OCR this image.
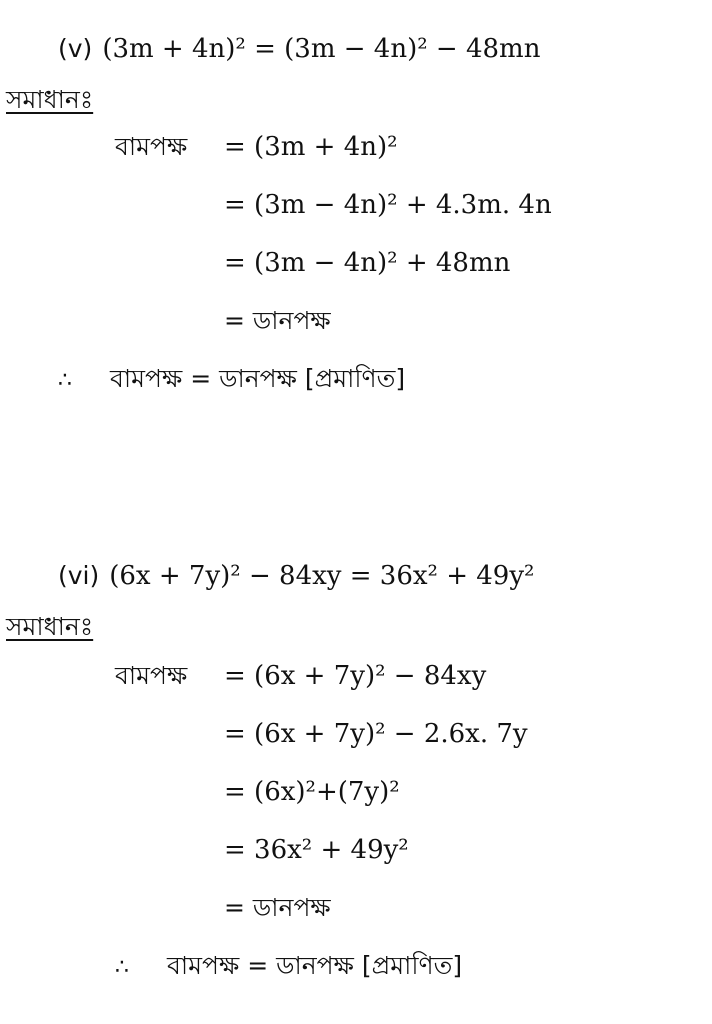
(v) (3m + 4n)² = (3m − 4n)² − 48mn
সমাধানঃ
বামপক্ষ = (3m + 4n)²
= (3m − 4n)² + 4.3m. 4n
= (3m − 4n)² + 48mn
= ডানপক্ষ
∴ বামপক্ষ = ডানপক্ষ [প্রমাণিত]
(vi) (6x + 7y)² − 84xy = 36x² + 49y²
সমাধানঃ
বামপক্ষ = (6x + 7y)² − 84xy
= (6x + 7y)² − 2.6x. 7y
= (6x)²+(7y)²
= 36x² + 49y²
= ডানপক্ষ
∴ বামপক্ষ = ডানপক্ষ [প্রমাণিত]
